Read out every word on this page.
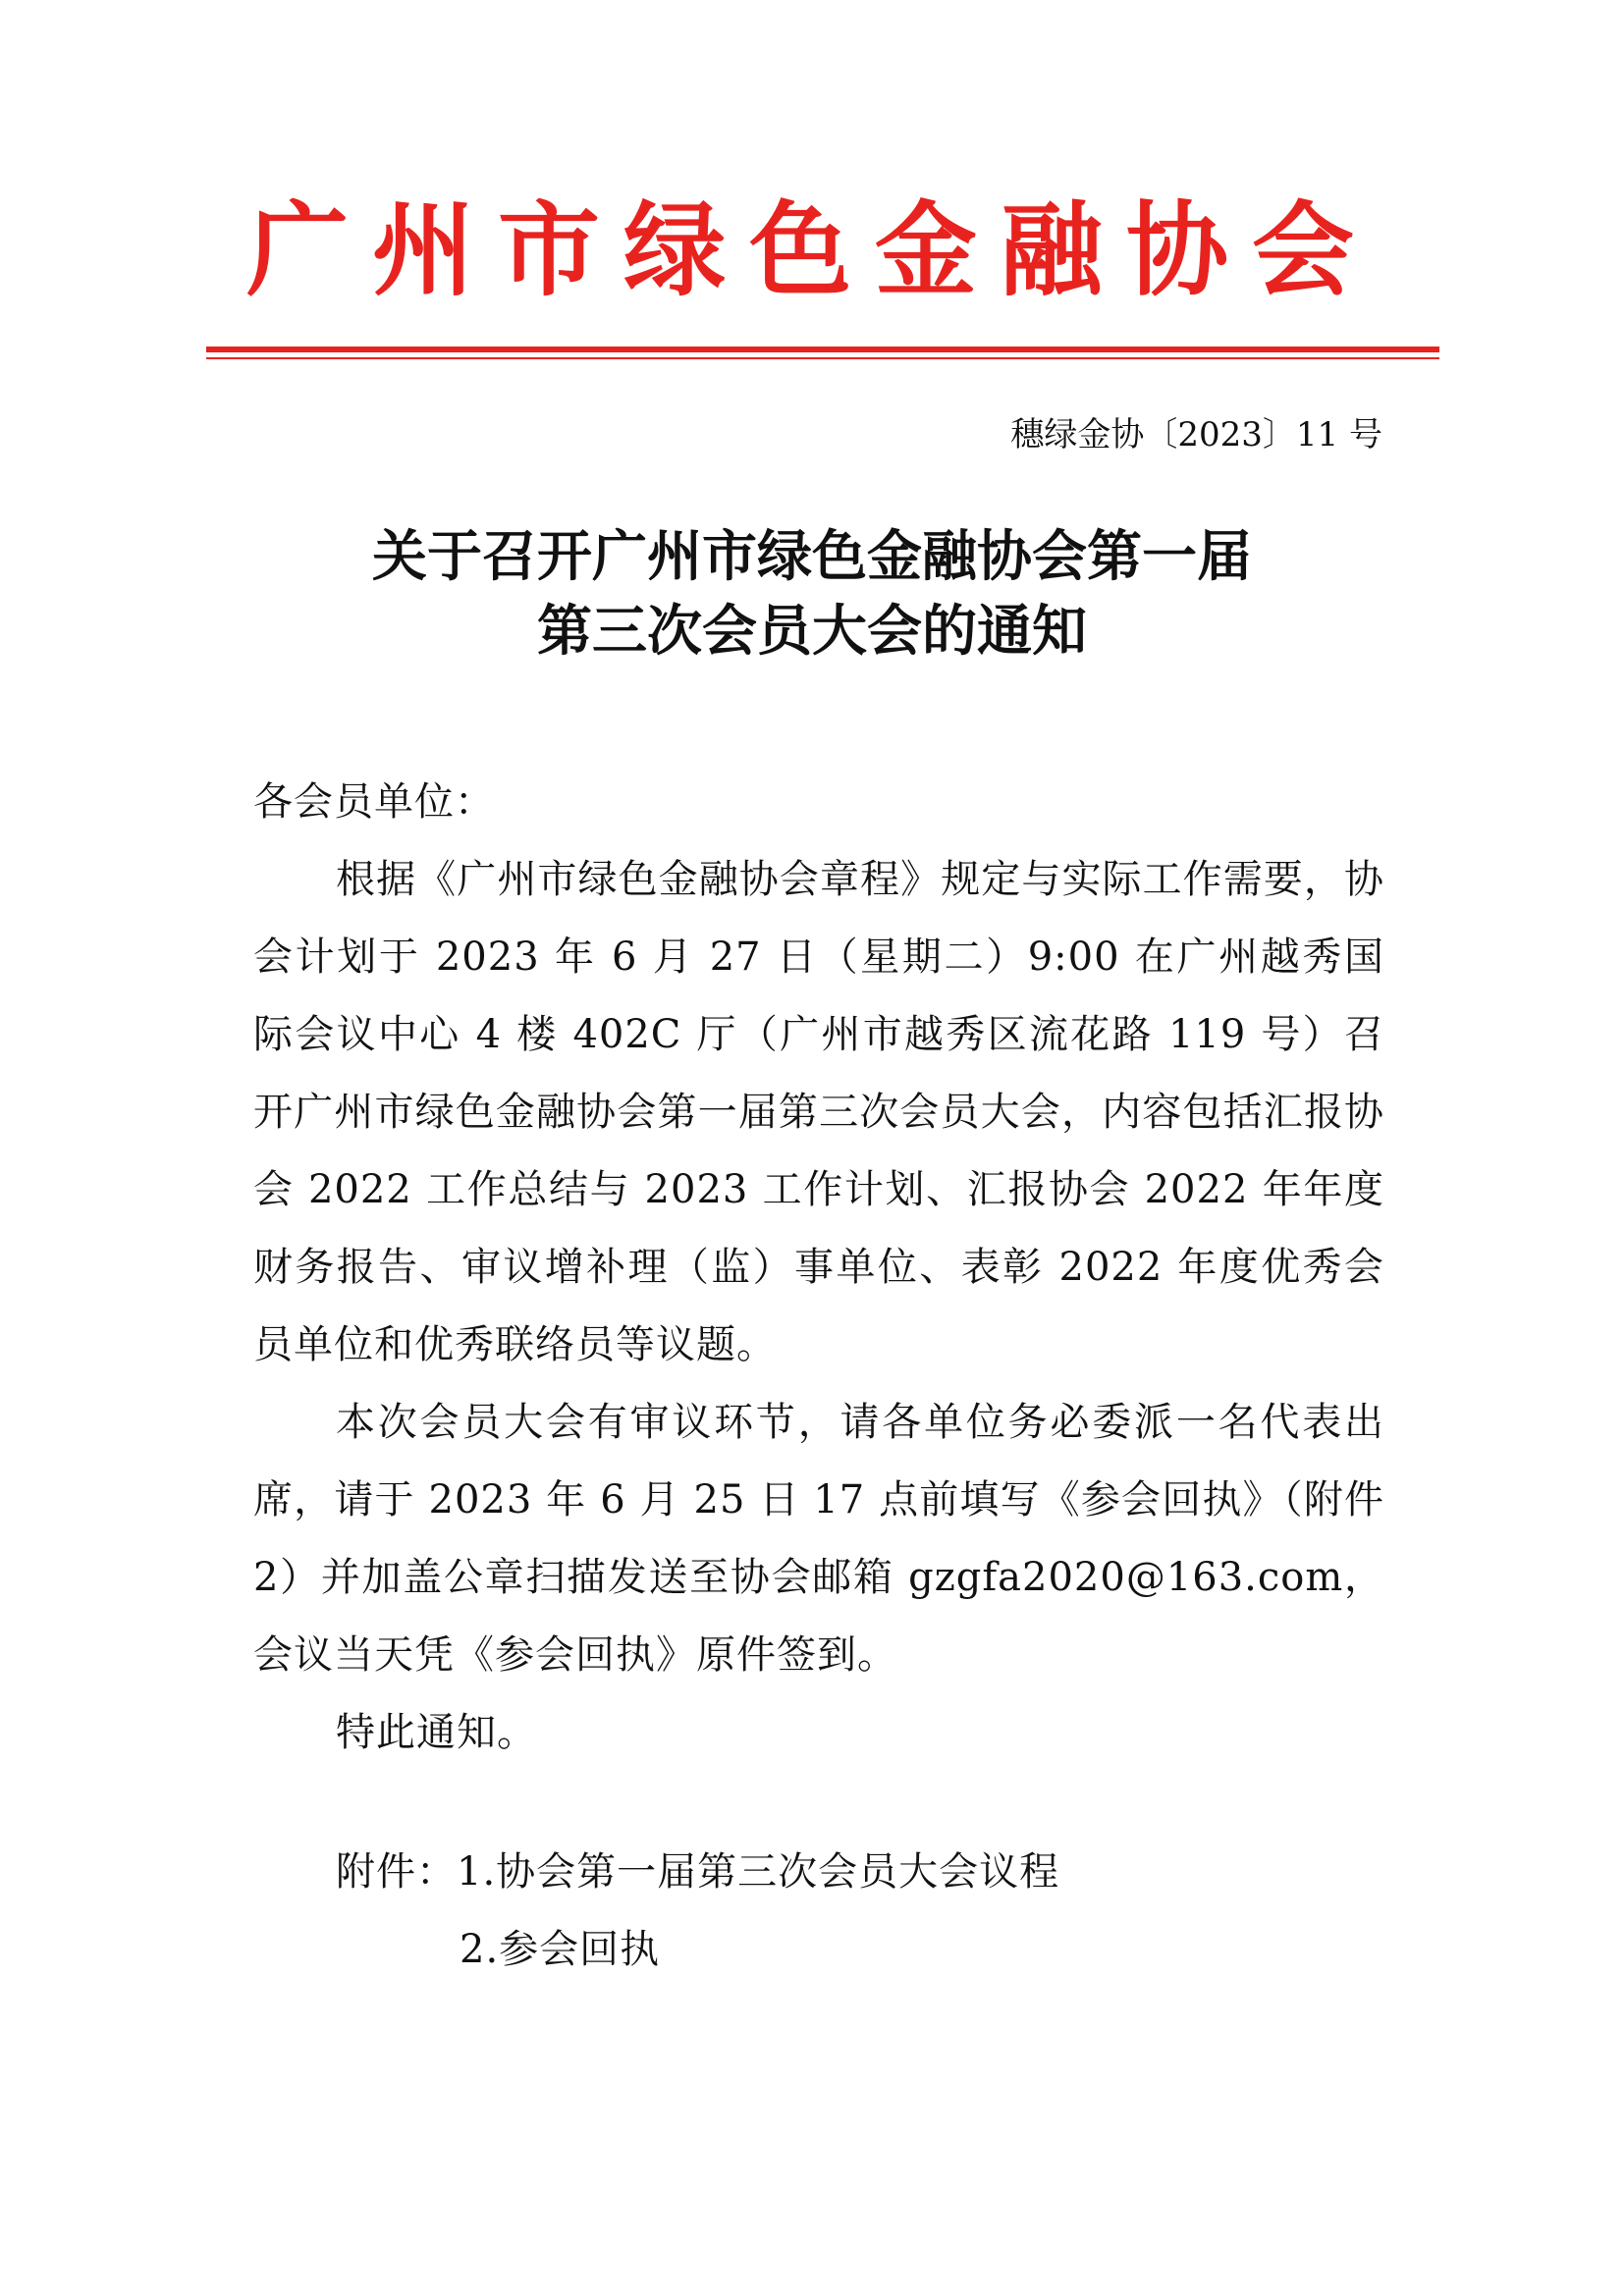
广州市绿色金融协会
穗绿金协〔2023〕11 号
关于召开广州市绿色金融协会第一届
第三次会员大会的通知
各会员单位：

根据《广州市绿色金融协会章程》规定与实际工作需要，协会计划于 2023 年 6 月 27 日（星期二）9:00 在广州越秀国际会议中心 4 楼 402C 厅（广州市越秀区流花路 119 号）召开广州市绿色金融协会第一届第三次会员大会，内容包括汇报协会 2022 工作总结与 2023 工作计划、汇报协会 2022 年年度财务报告、审议增补理（监）事单位、表彰 2022 年度优秀会员单位和优秀联络员等议题。

本次会员大会有审议环节，请各单位务必委派一名代表出席，请于 2023 年 6 月 25 日 17 点前填写《参会回执》（附件 2）并加盖公章扫描发送至协会邮箱 gzgfa2020@163.com，会议当天凭《参会回执》原件签到。

特此通知。

附件：1.协会第一届第三次会员大会议程
2.参会回执
